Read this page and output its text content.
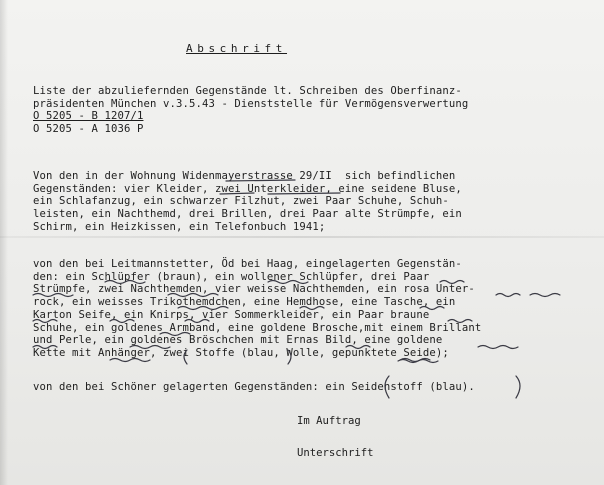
Abschrift

Liste der abzuliefernden Gegenstände lt. Schreiben des Oberfinanz-
präsidenten München v.3.5.43 - Dienststelle für Vermögensverwertung
O 5205 - B 1207/1
O 5205 - A 1036 P
Von den in der Wohnung Widenmayerstrasse 29/II  sich befindlichen
Gegenständen: vier Kleider, zwei Unterkleider, eine seidene Bluse,
ein Schlafanzug, ein schwarzer Filzhut, zwei Paar Schuhe, Schuh-
leisten, ein Nachthemd, drei Brillen, drei Paar alte Strümpfe, ein
Schirm, ein Heizkissen, ein Telefonbuch 1941;
von den bei Leitmannstetter, Öd bei Haag, eingelagerten Gegenstän-
den: ein Schlüpfer (braun), ein wollener Schlüpfer, drei Paar
Strümpfe, zwei Nachthemden, vier weisse Nachthemden, ein rosa Unter-
rock, ein weisses Trikothemdchen, eine Hemdhose, eine Tasche, ein
Karton Seife, ein Knirps, vier Sommerkleider, ein Paar braune
Schuhe, ein goldenes Armband, eine goldene Brosche,mit einem Brillant
und Perle, ein goldenes Bröschchen mit Ernas Bild, eine goldene
Kette mit Anhänger, zwei Stoffe (blau, Wolle, gepunktete Seide);
von den bei Schöner gelagerten Gegenständen: ein Seidenstoff (blau).

Im Auftrag

Unterschrift
